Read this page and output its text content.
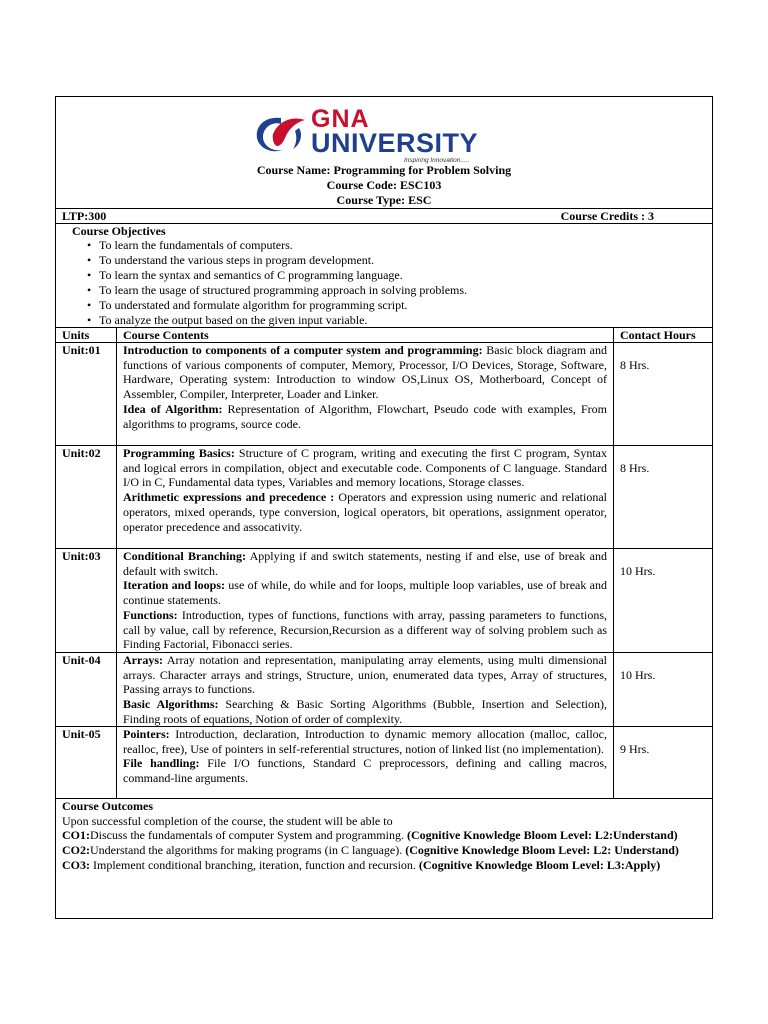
GNA
UNIVERSITY
Inspiring Innovation.....
Course Name: Programming for Problem Solving
Course Code: ESC103
Course Type: ESC
LTP:300	Course Credits : 3
Course Objectives
• To learn the fundamentals of computers.
• To understand the various steps in program development.
• To learn the syntax and semantics of C programming language.
• To learn the usage of structured programming approach in solving problems.
• To understated and formulate algorithm for programming script.
• To analyze the output based on the given input variable.
Units	Course Contents	Contact Hours
Unit:01 Introduction to components of a computer system and programming: Basic block diagram and functions of various components of computer, Memory, Processor, I/O Devices, Storage, Software, Hardware, Operating system: Introduction to window OS,Linux OS, Motherboard, Concept of Assembler, Compiler, Interpreter, Loader and Linker.

Idea of Algorithm: Representation of Algorithm, Flowchart, Pseudo code with examples, From algorithms to programs, source code.

8 Hrs.
Unit:02 Programming Basics: Structure of C program, writing and executing the first C program, Syntax and logical errors in compilation, object and executable code. Components of C language. Standard I/O in C, Fundamental data types, Variables and memory locations, Storage classes.

Arithmetic expressions and precedence : Operators and expression using numeric and relational operators, mixed operands, type conversion, logical operators, bit operations, assignment operator, operator precedence and assocativity.

8 Hrs.
Unit:03 Conditional Branching: Applying if and switch statements, nesting if and else, use of break and default with switch.

Iteration and loops: use of while, do while and for loops, multiple loop variables, use of break and continue statements.

Functions: Introduction, types of functions, functions with array, passing parameters to functions, call by value, call by reference, Recursion,Recursion as a different way of solving problem such as Finding Factorial, Fibonacci series.

10 Hrs.
Unit-04 Arrays: Array notation and representation, manipulating array elements, using multi dimensional arrays. Character arrays and strings, Structure, union, enumerated data types, Array of structures, Passing arrays to functions.

Basic Algorithms: Searching & Basic Sorting Algorithms (Bubble, Insertion and Selection), Finding roots of equations, Notion of order of complexity.

10 Hrs.
Unit-05 Pointers: Introduction, declaration, Introduction to dynamic memory allocation (malloc, calloc, realloc, free), Use of pointers in self-referential structures, notion of linked list (no implementation).

File handling: File I/O functions, Standard C preprocessors, defining and calling macros, command-line arguments.

9 Hrs.

Course Outcomes

Upon successful completion of the course, the student will be able to

CO1:Discuss the fundamentals of computer System and programming. (Cognitive Knowledge Bloom Level: L2:Understand)

CO2:Understand the algorithms for making programs (in C language). (Cognitive Knowledge Bloom Level: L2: Understand)

CO3: Implement conditional branching, iteration, function and recursion. (Cognitive Knowledge Bloom Level: L3:Apply)
